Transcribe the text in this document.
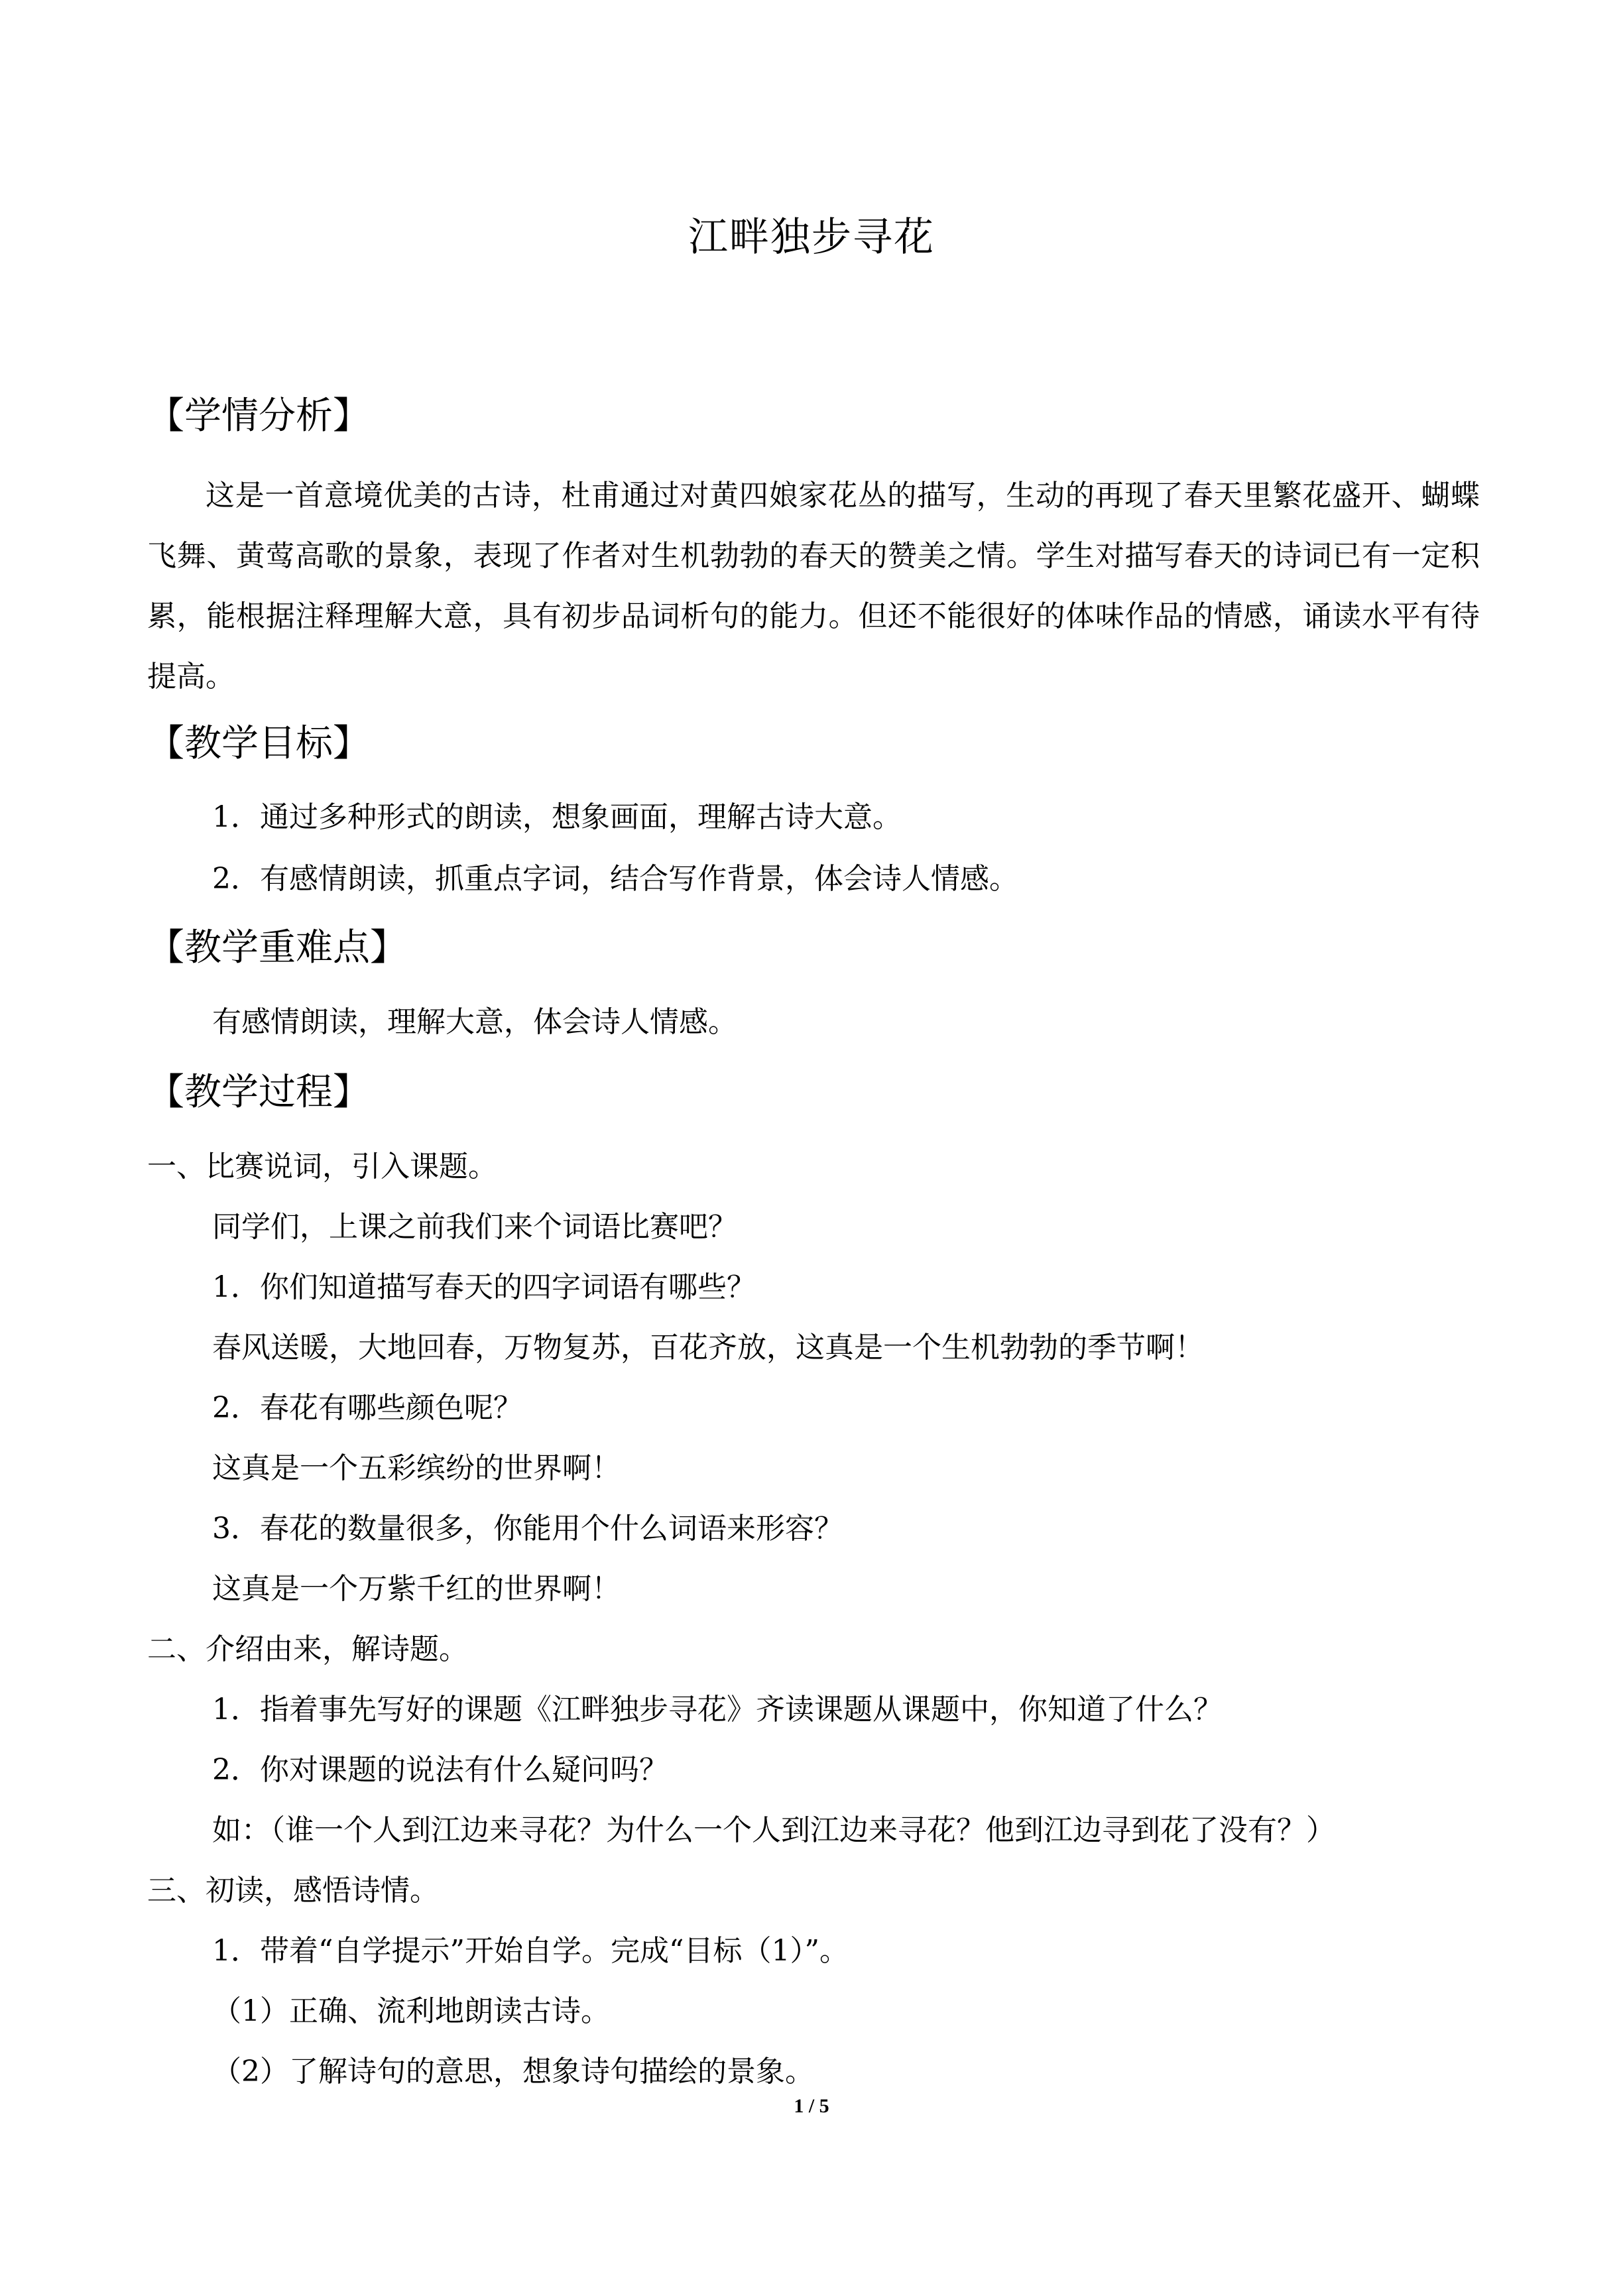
江畔独步寻花
【学情分析】
这是一首意境优美的古诗，杜甫通过对黄四娘家花丛的描写，生动的再现了春天里繁花盛开、蝴蝶飞舞、黄莺高歌的景象，表现了作者对生机勃勃的春天的赞美之情。学生对描写春天的诗词已有一定积累，能根据注释理解大意，具有初步品词析句的能力。但还不能很好的体味作品的情感，诵读水平有待提高。
【教学目标】
1．通过多种形式的朗读，想象画面，理解古诗大意。
2．有感情朗读，抓重点字词，结合写作背景，体会诗人情感。
【教学重难点】
有感情朗读，理解大意，体会诗人情感。
【教学过程】
一、比赛说词，引入课题。
同学们，上课之前我们来个词语比赛吧？
1．你们知道描写春天的四字词语有哪些？
春风送暖，大地回春，万物复苏，百花齐放，这真是一个生机勃勃的季节啊！
2．春花有哪些颜色呢？
这真是一个五彩缤纷的世界啊！
3．春花的数量很多，你能用个什么词语来形容？
这真是一个万紫千红的世界啊！
二、介绍由来，解诗题。
1．指着事先写好的课题《江畔独步寻花》齐读课题从课题中，你知道了什么？
2．你对课题的说法有什么疑问吗？
如：（谁一个人到江边来寻花？为什么一个人到江边来寻花？他到江边寻到花了没有？）
三、初读，感悟诗情。
1．带着“自学提示”开始自学。完成“目标（1）”。
（1）正确、流利地朗读古诗。
（2）了解诗句的意思，想象诗句描绘的景象。
1 / 5
